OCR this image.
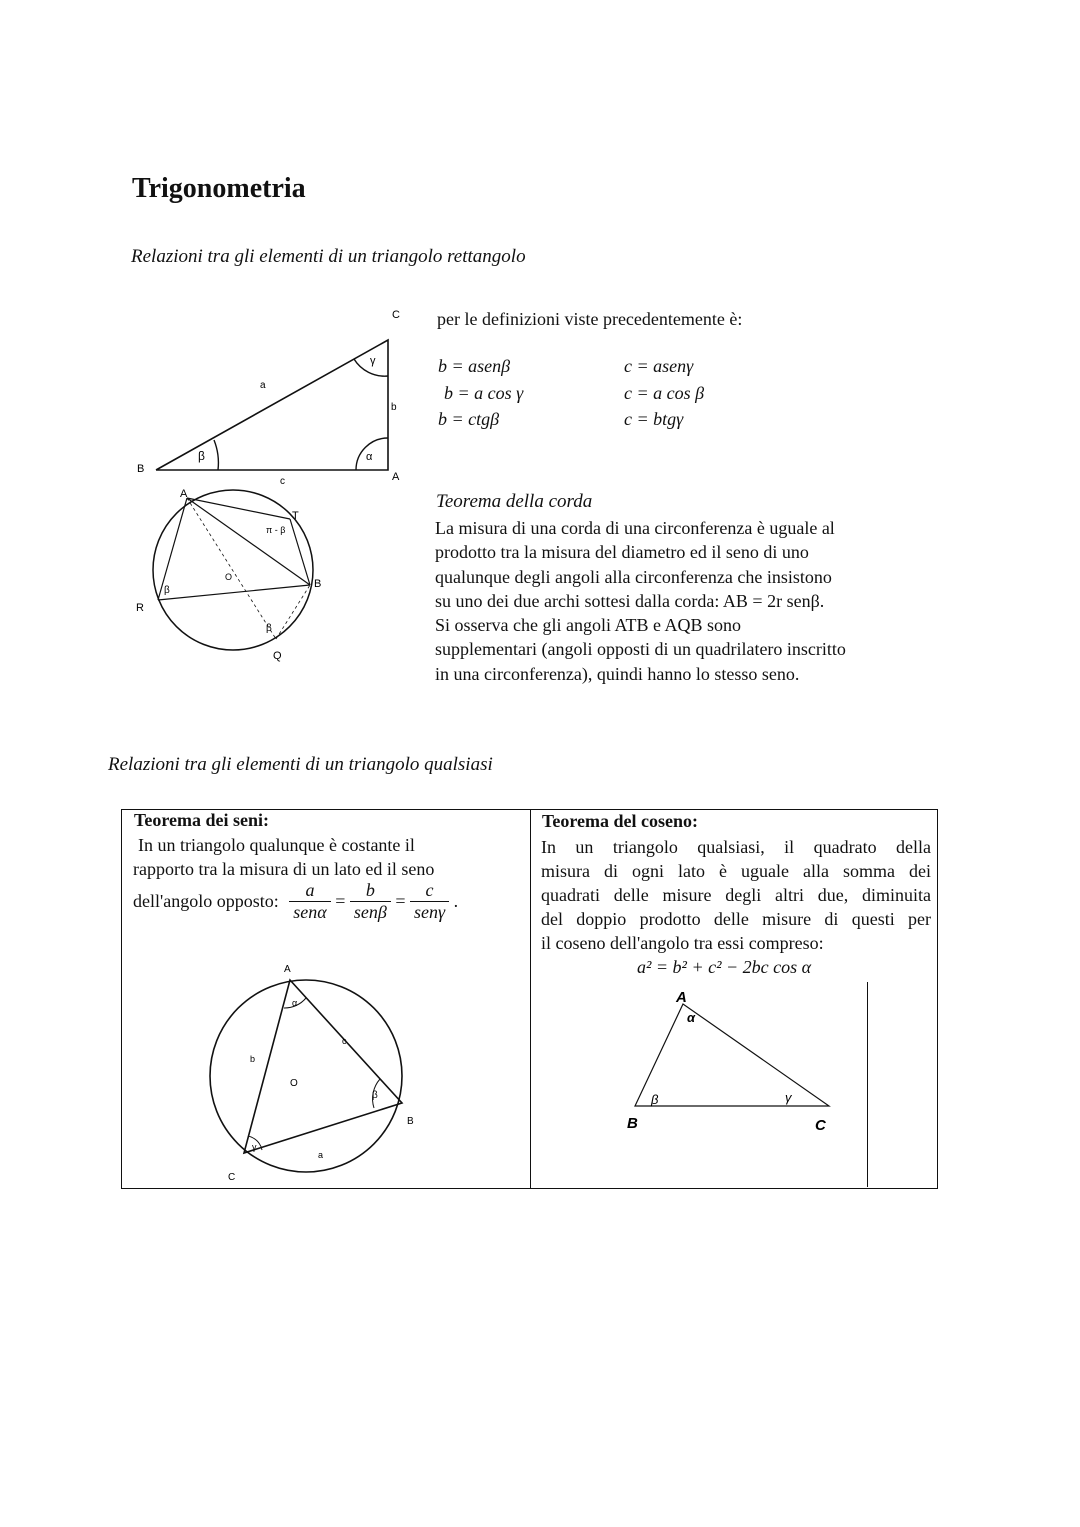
Trigonometria
Relazioni tra gli elementi di un triangolo rettangolo
C
B
A
a
b
c
β
γ
α
A
T
B
Q
R
O
π - β
β
β
per le definizioni viste precedentemente è:
b = asenβ
b = a cos γ
b = ctgβ
c = asenγ
c = a cos β
c = btgγ
Teorema della corda

La misura di una corda di una circonferenza è uguale al

prodotto tra la misura del diametro ed il seno di uno

qualunque degli angoli alla circonferenza che insistono

su uno dei due archi sottesi dalla corda: AB = 2r senβ.

Si osserva che gli angoli ATB e AQB sono

supplementari (angoli opposti di un quadrilatero inscritto

in una circonferenza), quindi hanno lo stesso seno.

Relazioni tra gli elementi di un triangolo qualsiasi
Teorema dei seni:
In un triangolo qualunque è costante il
rapporto tra la misura di un lato ed il seno
dell'angolo opposto: $\frac{a}{\text{senα}} = \frac{b}{\text{senβ}} = \frac{c}{\text{senγ}}$ .
A
B
C
a
b
c
O
α
β
γ
Teorema del coseno:
In un triangolo qualsiasi, il quadrato della
misura di ogni lato è uguale alla somma dei
quadrati delle misure degli altri due, diminuita
del doppio prodotto delle misure di questi per
il coseno dell'angolo tra essi compreso:
a² = b² + c² − 2bc cos α
A
B	C
α
β	γ
